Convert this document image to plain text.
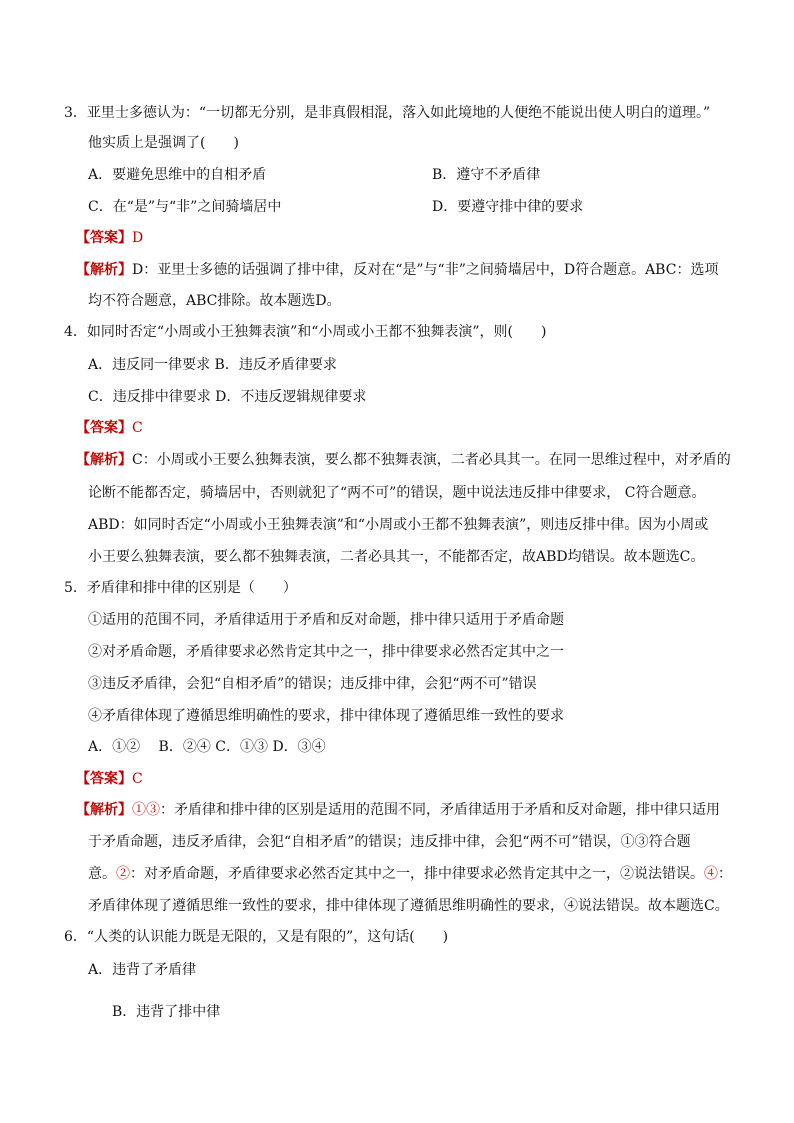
3．亚里士多德认为：“一切都无分别，是非真假相混，落入如此境地的人便绝不能说出使人明白的道理。”
他实质上是强调了(　　)
A．要避免思维中的自相矛盾	B．遵守不矛盾律
C．在“是”与“非”之间骑墙居中	D．要遵守排中律的要求
【答案】D
【解析】D：亚里士多德的话强调了排中律，反对在“是”与“非”之间骑墙居中，D符合题意。ABC：选项
均不符合题意，ABC排除。故本题选D。
4．如同时否定“小周或小王独舞表演”和“小周或小王都不独舞表演”，则(　　)
A．违反同一律要求 B．违反矛盾律要求
C．违反排中律要求 D．不违反逻辑规律要求
【答案】C
【解析】C：小周或小王要么独舞表演，要么都不独舞表演，二者必具其一。在同一思维过程中，对矛盾的
论断不能都否定，骑墙居中，否则就犯了“两不可”的错误，题中说法违反排中律要求， C符合题意。
ABD：如同时否定“小周或小王独舞表演”和“小周或小王都不独舞表演”，则违反排中律。因为小周或
小王要么独舞表演，要么都不独舞表演，二者必具其一，不能都否定，故ABD均错误。故本题选C。
5．矛盾律和排中律的区别是（　　）
①适用的范围不同，矛盾律适用于矛盾和反对命题，排中律只适用于矛盾命题
②对矛盾命题，矛盾律要求必然肯定其中之一，排中律要求必然否定其中之一
③违反矛盾律，会犯“自相矛盾”的错误；违反排中律，会犯“两不可”错误
④矛盾律体现了遵循思维明确性的要求，排中律体现了遵循思维一致性的要求
A．①②　 B．②④ C．①③ D．③④
【答案】C
【解析】①③：矛盾律和排中律的区别是适用的范围不同，矛盾律适用于矛盾和反对命题，排中律只适用
于矛盾命题，违反矛盾律，会犯“自相矛盾”的错误；违反排中律，会犯“两不可”错误，①③符合题
意。②：对矛盾命题，矛盾律要求必然否定其中之一，排中律要求必然肯定其中之一，②说法错误。④：
矛盾律体现了遵循思维一致性的要求，排中律体现了遵循思维明确性的要求，④说法错误。故本题选C。
6．“人类的认识能力既是无限的，又是有限的”，这句话(　　)
A．违背了矛盾律
B．违背了排中律
